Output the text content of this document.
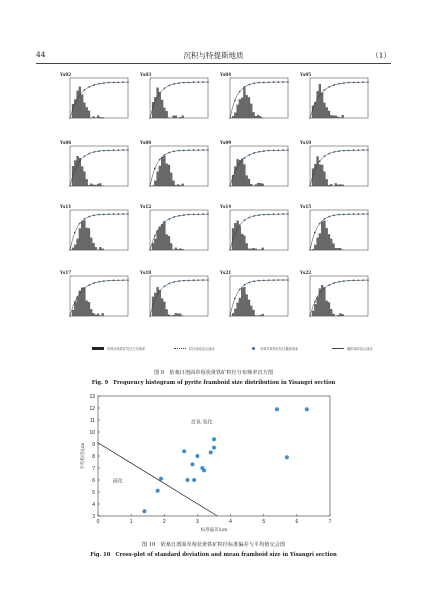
44	沉积与特提斯地质	（1）
Ys02	Ys03	Ys04	Ys05
Ys06	Ys08	Ys09	Ys10
Ys11	Ys12	Ys14	Ys15
Ys17	Ys18	Ys21	Ys22
草莓状黄铁矿粒径分布频率	粒径频率拟合曲线	草莓状黄铁矿粒径累积频率	累积频率拟合曲线
图 9　依桑日剖面草莓状黄铁矿粒径分布频率直方图
Fig. 9　Frequency histogram of pyrite framboid size distribution in Yisangri section
0	1	2	3	4	5	6	7
3
4
5
6
7
8
9
10
11
12
13
标准偏差/μm
平均粒径/μm
贫氧-氧化
硫化
图 10　依桑日剖面草莓状黄铁矿粒径标准偏差与平均值交会图
Fig. 10　Cross-plot of standard deviation and mean framboid size in Yisangri section
